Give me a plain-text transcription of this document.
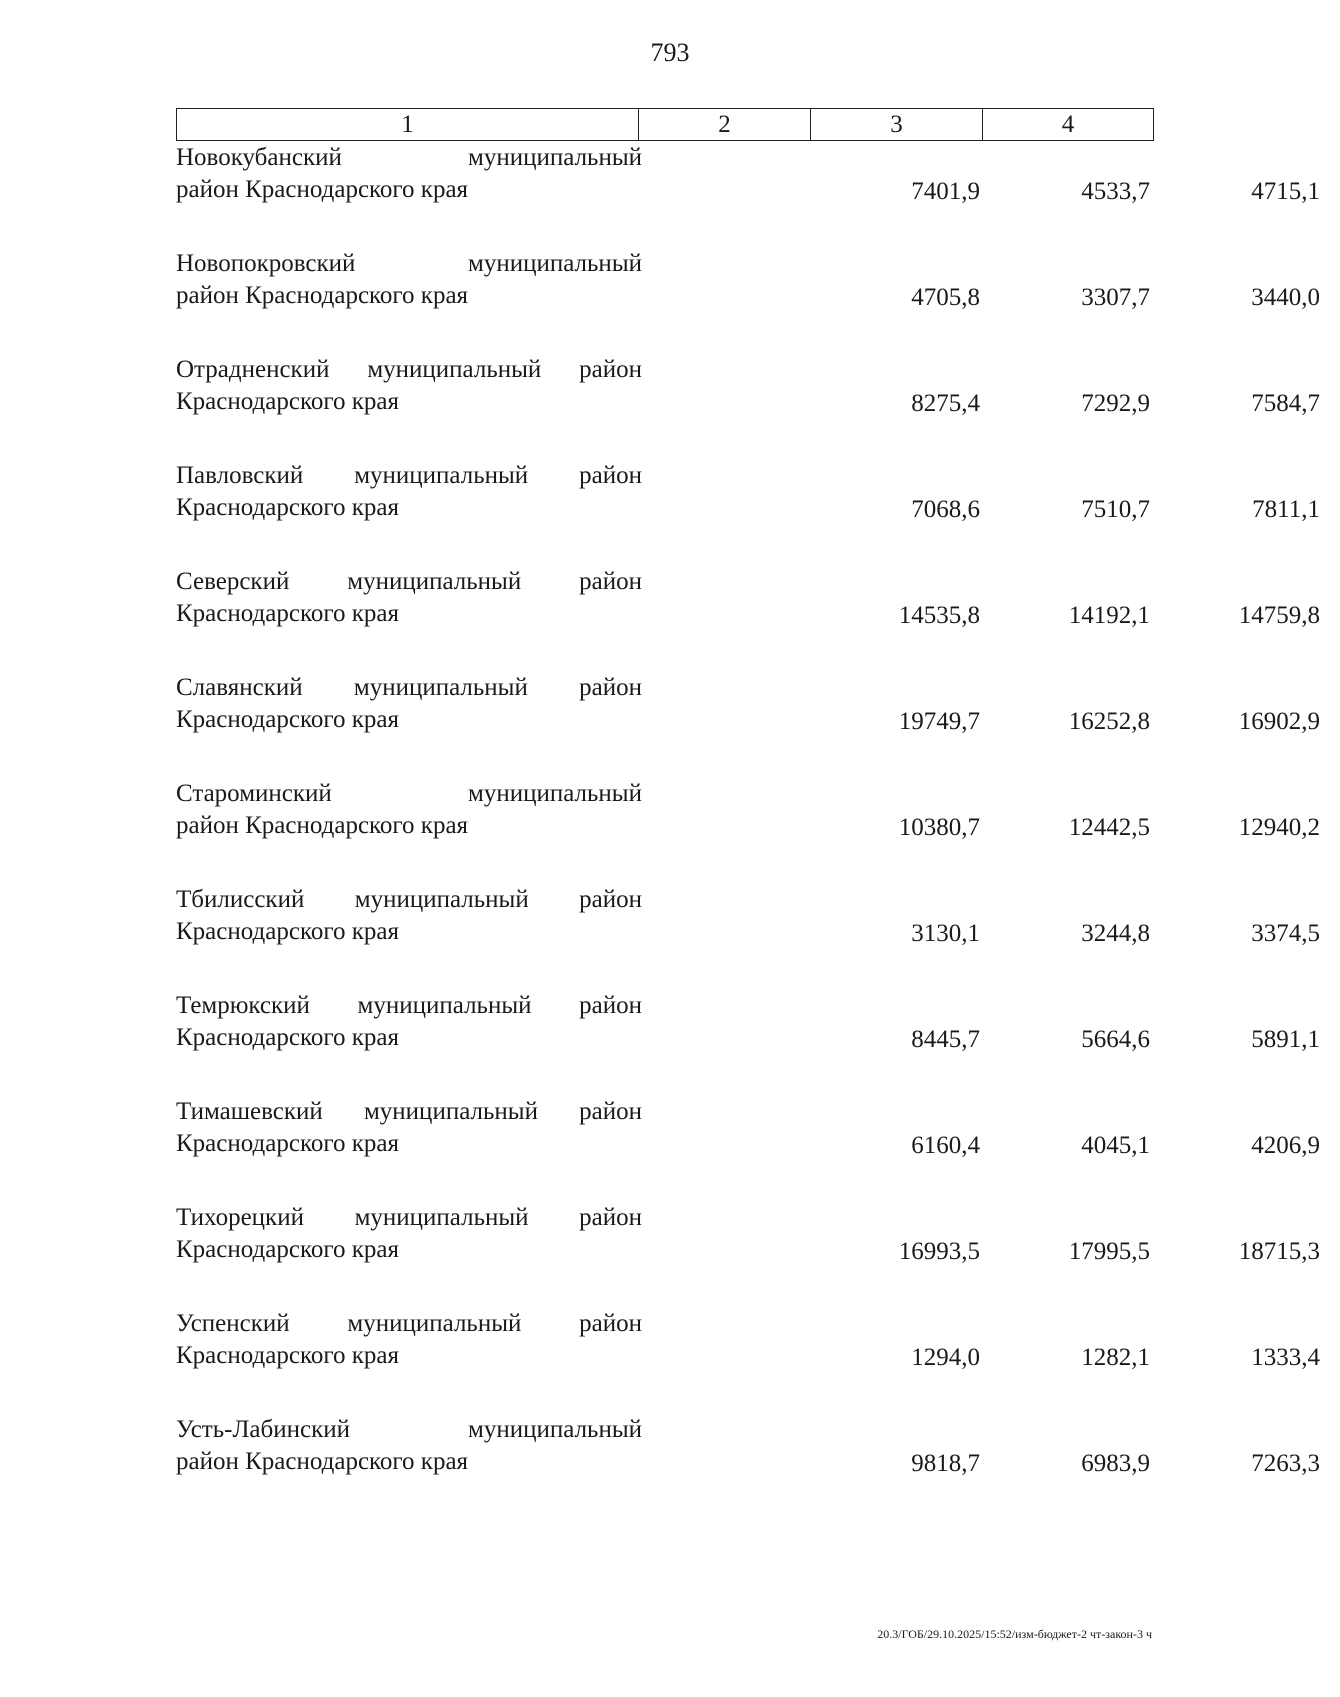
793
1	2	3	4
Новокубанский муниципальный
район Краснодарского края	7401,9	4533,7	4715,1
Новопокровский муниципальный
район Краснодарского края	4705,8	3307,7	3440,0
Отрадненский муниципальный район
Краснодарского края	8275,4	7292,9	7584,7
Павловский муниципальный район
Краснодарского края	7068,6	7510,7	7811,1
Северский муниципальный район
Краснодарского края	14535,8	14192,1	14759,8
Славянский муниципальный район
Краснодарского края	19749,7	16252,8	16902,9
Староминский муниципальный
район Краснодарского края	10380,7	12442,5	12940,2
Тбилисский муниципальный район
Краснодарского края	3130,1	3244,8	3374,5
Темрюкский муниципальный район
Краснодарского края	8445,7	5664,6	5891,1
Тимашевский муниципальный район
Краснодарского края	6160,4	4045,1	4206,9
Тихорецкий муниципальный район
Краснодарского края	16993,5	17995,5	18715,3
Успенский муниципальный район
Краснодарского края	1294,0	1282,1	1333,4
Усть-Лабинский муниципальный
район Краснодарского края	9818,7	6983,9	7263,3
20.3/ГОБ/29.10.2025/15:52/изм-бюджет-2 чт-закон-3 ч
